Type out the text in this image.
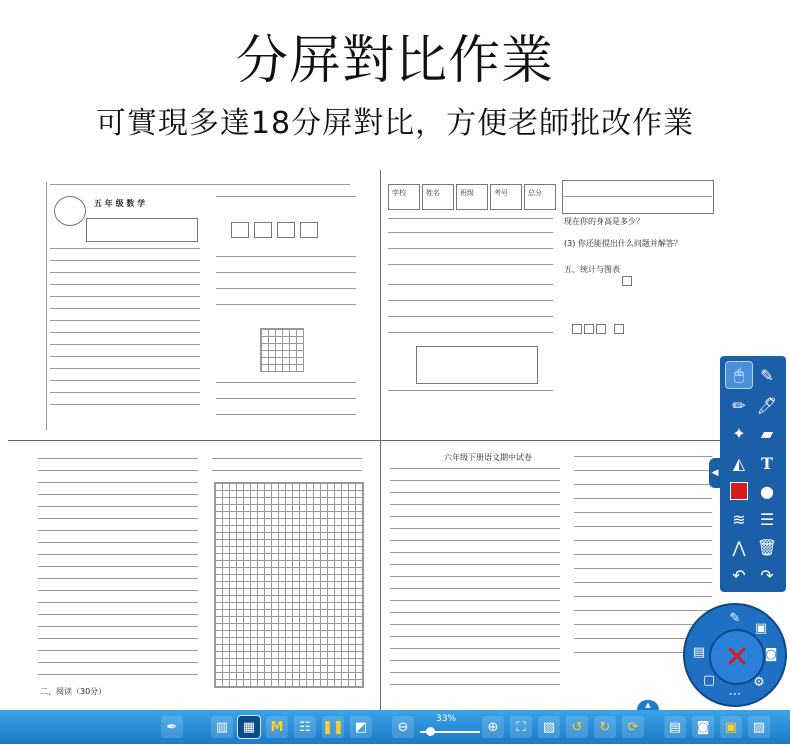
分屏對比作業
可實現多達18分屏對比，方便老師批改作業
五 年 级 数 学
现在你的身高是多少？
(3) 你还能提出什么问题并解答？
五、统计与图表
学校	姓名	班级	考号	总分
二、阅读（30分）
六年级下册语文期中试卷
◀
🖱	✎
✏ 🖊
✦ ▰
◭ T
●
≋ ☰
⋀ 🗑
↶ ↷
✎
▣
▤	◙
▢	⚙
⋯
✕
▲
✒	▥	▦	M	☷ ❚❚ ◩	⊖
33%
⊕	⛶	▧	↺	↻	⟳	▤	◙	▣	▨
